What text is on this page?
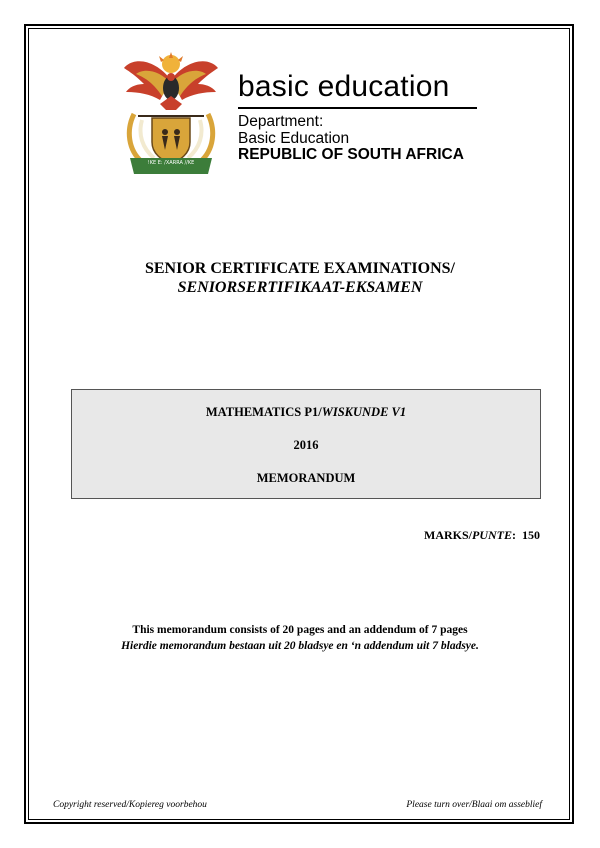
!KE E: /XARRA //KE
basic education
Department:
Basic Education
REPUBLIC OF SOUTH AFRICA
SENIOR CERTIFICATE EXAMINATIONS/
SENIORSERTIFIKAAT-EKSAMEN
MATHEMATICS P1/WISKUNDE V1
2016
MEMORANDUM
MARKS/PUNTE:  150
This memorandum consists of 20 pages and an addendum of 7 pages
Hierdie memorandum bestaan uit 20 bladsye en ‘n addendum uit 7 bladsye.
Copyright reserved/Kopiereg voorbehou	Please turn over/Blaai om asseblief
